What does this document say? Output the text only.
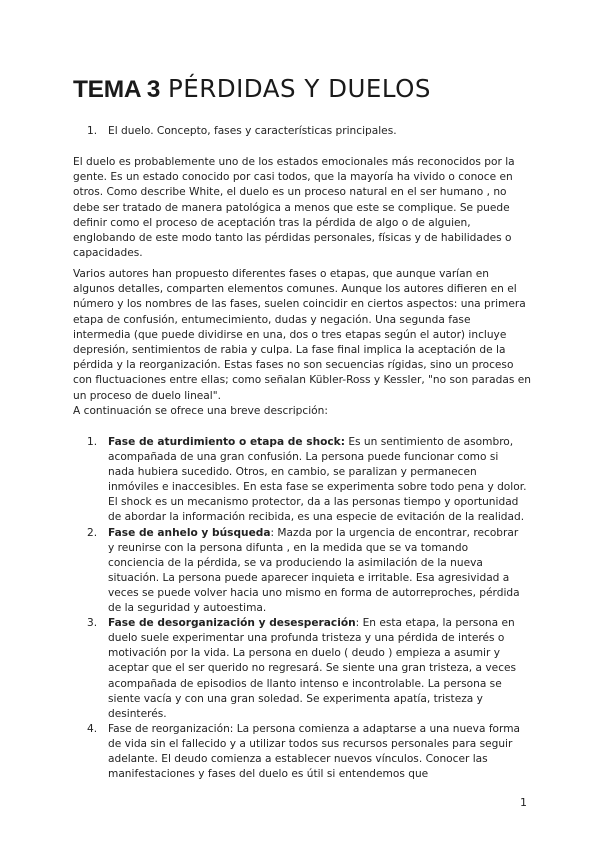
TEMA 3 PÉRDIDAS Y DUELOS
1. El duelo. Concepto, fases y características principales.
El duelo es probablemente uno de los estados emocionales más reconocidos por la gente. Es un estado conocido por casi todos, que la mayoría ha vivido o conoce en otros. Como describe White, el duelo es un proceso natural en el ser humano , no debe ser tratado de manera patológica a menos que este se complique. Se puede definir como el proceso de aceptación tras la pérdida de algo o de alguien, englobando de este modo tanto las pérdidas personales, físicas y de habilidades o capacidades.
Varios autores han propuesto diferentes fases o etapas, que aunque varían en algunos detalles, comparten elementos comunes. Aunque los autores difieren en el número y los nombres de las fases, suelen coincidir en ciertos aspectos: una primera etapa de confusión, entumecimiento, dudas y negación. Una segunda fase intermedia (que puede dividirse en una, dos o tres etapas según el autor) incluye depresión, sentimientos de rabia y culpa. La fase final implica la aceptación de la pérdida y la reorganización. Estas fases no son secuencias rígidas, sino un proceso con fluctuaciones entre ellas; como señalan Kübler-Ross y Kessler, "no son paradas en un proceso de duelo lineal".
A continuación se ofrece una breve descripción:
1. Fase de aturdimiento o etapa de shock: Es un sentimiento de asombro, acompañada de una gran confusión. La persona puede funcionar como si nada hubiera sucedido. Otros, en cambio, se paralizan y permanecen inmóviles e inaccesibles. En esta fase se experimenta sobre todo pena y dolor. El shock es un mecanismo protector, da a las personas tiempo y oportunidad de abordar la información recibida, es una especie de evitación de la realidad.
2. Fase de anhelo y búsqueda: Mazda por la urgencia de encontrar, recobrar y reunirse con la persona difunta , en la medida que se va tomando conciencia de la pérdida, se va produciendo la asimilación de la nueva situación. La persona puede aparecer inquieta e irritable. Esa agresividad a veces se puede volver hacia uno mismo en forma de autorreproches, pérdida de la seguridad y autoestima.
3. Fase de desorganización y desesperación: En esta etapa, la persona en duelo suele experimentar una profunda tristeza y una pérdida de interés o motivación por la vida. La persona en duelo ( deudo ) empieza a asumir y aceptar que el ser querido no regresará. Se siente una gran tristeza, a veces acompañada de episodios de llanto intenso e incontrolable. La persona se siente vacía y con una gran soledad. Se experimenta apatía, tristeza y desinterés.
4. Fase de reorganización: La persona comienza a adaptarse a una nueva forma de vida sin el fallecido y a utilizar todos sus recursos personales para seguir adelante. El deudo comienza a establecer nuevos vínculos. Conocer las manifestaciones y fases del duelo es útil si entendemos que
1
